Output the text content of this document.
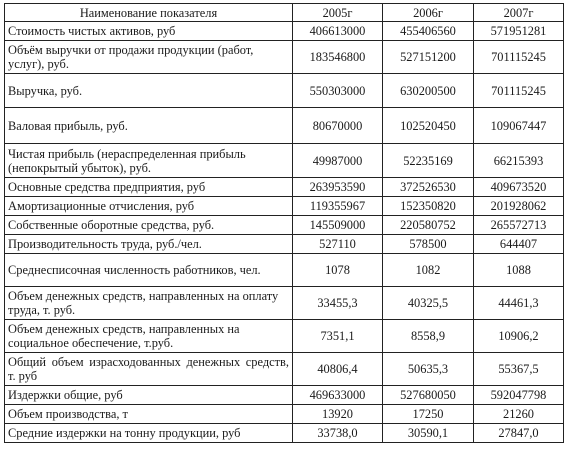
Наименование показателя	2005г	2006г	2007г
Стоимость чистых активов, руб	406613000	455406560	571951281
Объём выручки от продажи продукции (работ, услуг), руб.	183546800	527151200	701115245
Выручка, руб.	550303000	630200500	701115245
Валовая прибыль, руб.	80670000	102520450	109067447
Чистая прибыль (нераспределенная прибыль (непокрытый убыток), руб.	49987000	52235169	66215393
Основные средства предприятия, руб	263953590	372526530	409673520
Амортизационные отчисления, руб	119355967	152350820	201928062
Собственные оборотные средства, руб.	145509000	220580752	265572713
Производительность труда, руб./чел.	527110	578500	644407
Среднесписочная численность работников, чел.	1078	1082	1088
Объем денежных средств, направленных на оплату труда, т. руб.	33455,3	40325,5	44461,3
Объем денежных средств, направленных на социальное обеспечение, т.руб.	7351,1	8558,9	10906,2
Общий объем израсходованных денежных средств, т. руб	40806,4	50635,3	55367,5
Издержки общие, руб	469633000	527680050	592047798
Объем производства, т	13920	17250	21260
Средние издержки на тонну продукции, руб	33738,0	30590,1	27847,0
